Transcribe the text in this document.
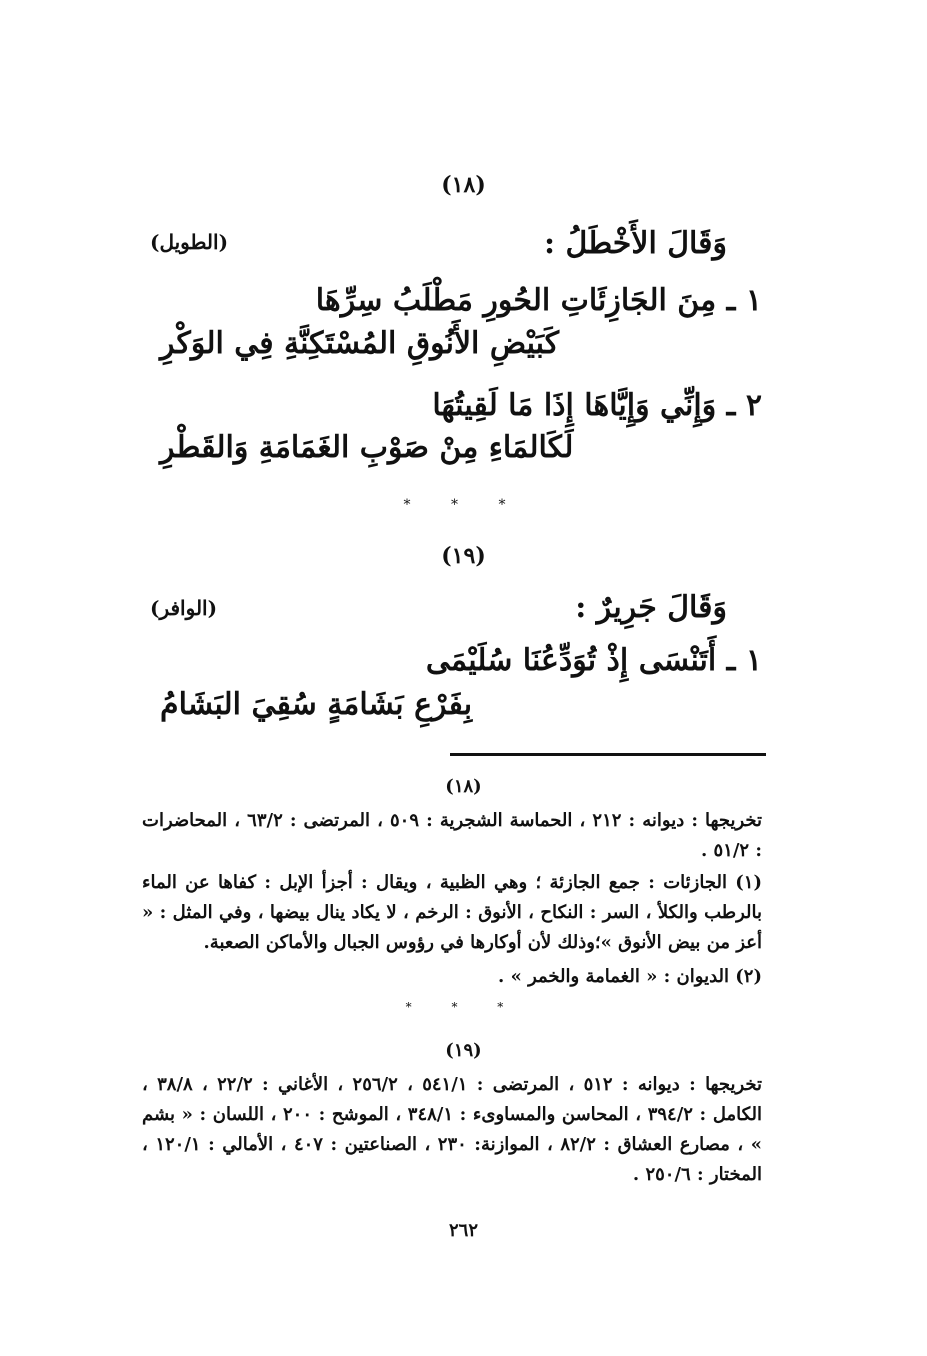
(١٨)
وَقَالَ الأَخْطَلُ :
(الطويل)
١ ـ مِنَ الجَازِئَاتِ الحُورِ مَطْلَبُ سِرِّهَا
كَبَيْضِ الأَنُوقِ المُسْتَكِنَّةِ فِي الوَكْرِ
٢ ـ وَإِنِّي وَإِيَّاهَا إِذَا مَا لَقِيتُهَا
لَكَالمَاءِ مِنْ صَوْبِ الغَمَامَةِ وَالقَطْرِ
* * *
(١٩)
وَقَالَ جَرِيرٌ :
(الوافر)
١ ـ أَتَنْسَى إِذْ تُوَدِّعُنَا سُلَيْمَى
بِفَرْعِ بَشَامَةٍ سُقِيَ البَشَامُ
(١٨)
تخريجها : ديوانه : ٢١٢ ، الحماسة الشجرية : ٥٠٩ ، المرتضى : ٦٣/٢ ، المحاضرات : ٥١/٢ .
(١) الجازئات : جمع الجازئة ؛ وهي الظبية ، ويقال : أجزأ الإبل : كفاها عن الماء بالرطب والكلأ ، السر : النكاح ، الأنوق : الرخم ، لا يكاد ينال بيضها ، وفي المثل : « أعز من بيض الأنوق »؛وذلك لأن أوكارها في رؤوس الجبال والأماكن الصعبة.
(٢) الديوان : « الغمامة والخمر » .
* * *
(١٩)
تخريجها : ديوانه : ٥١٢ ، المرتضى : ٥٤١/١ ، ٢٥٦/٢ ، الأغاني : ٢٢/٢ ، ٣٨/٨ ، الكامل : ٣٩٤/٢ ، المحاسن والمساوىء : ٣٤٨/١ ، الموشح : ٢٠٠ ، اللسان : « بشم » ، مصارع العشاق : ٨٢/٢ ، الموازنة: ٢٣٠ ، الصناعتين : ٤٠٧ ، الأمالي : ١٢٠/١ ، المختار : ٢٥٠/٦ .
٢٦٢
